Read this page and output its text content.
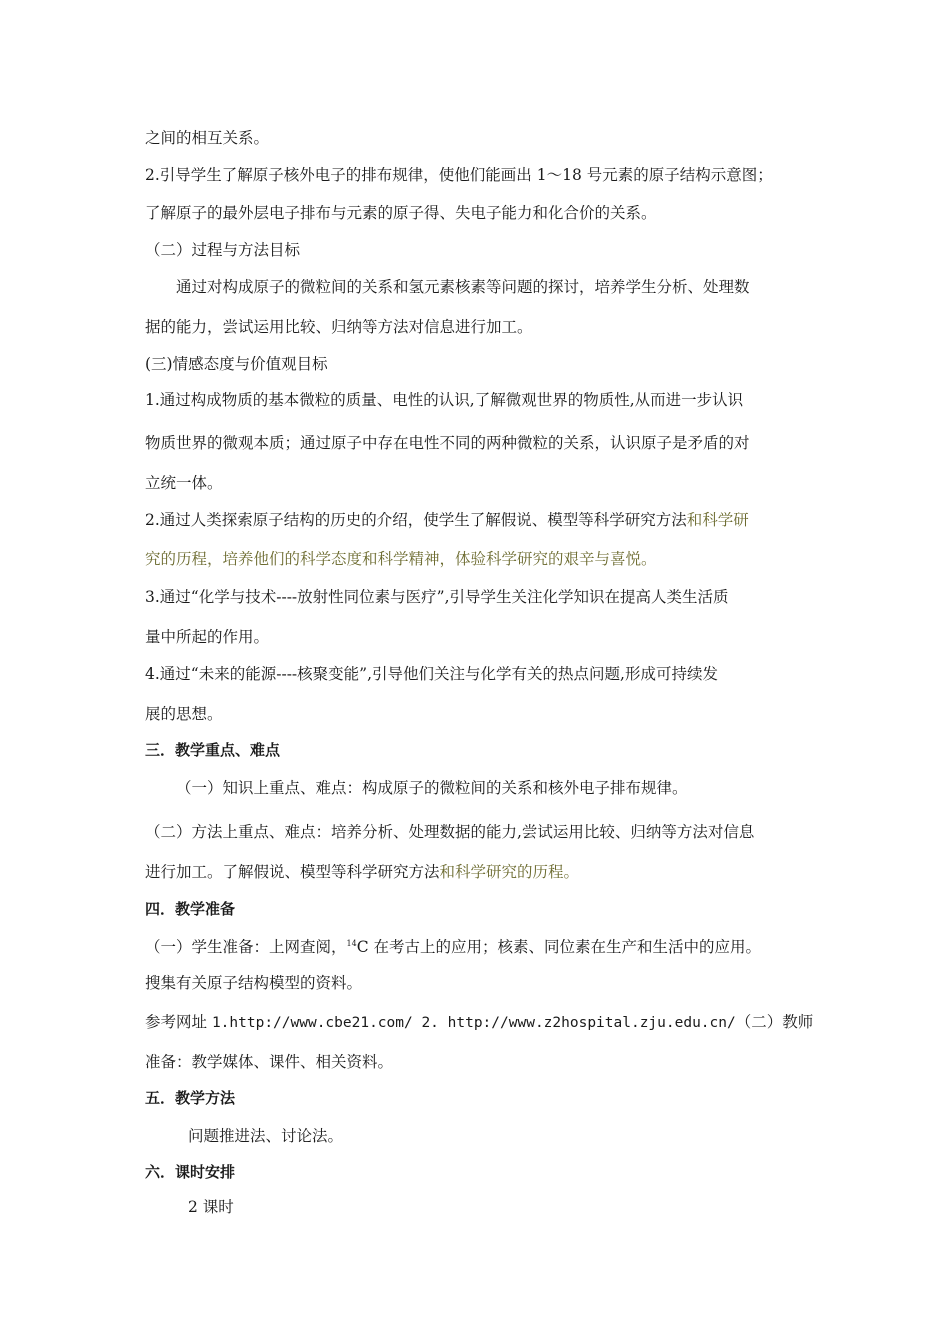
之间的相互关系。
2.引导学生了解原子核外电子的排布规律，使他们能画出 1～18 号元素的原子结构示意图；
了解原子的最外层电子排布与元素的原子得、失电子能力和化合价的关系。
（二）过程与方法目标
通过对构成原子的微粒间的关系和氢元素核素等问题的探讨，培养学生分析、处理数
据的能力，尝试运用比较、归纳等方法对信息进行加工。
(三)情感态度与价值观目标
1.通过构成物质的基本微粒的质量、电性的认识,了解微观世界的物质性,从而进一步认识
物质世界的微观本质；通过原子中存在电性不同的两种微粒的关系，认识原子是矛盾的对
立统一体。
2.通过人类探索原子结构的历史的介绍，使学生了解假说、模型等科学研究方法和科学研
究的历程，培养他们的科学态度和科学精神，体验科学研究的艰辛与喜悦。
3.通过“化学与技术----放射性同位素与医疗”,引导学生关注化学知识在提高人类生活质
量中所起的作用。
4.通过“未来的能源----核聚变能”,引导他们关注与化学有关的热点问题,形成可持续发
展的思想。
三．教学重点、难点
（一）知识上重点、难点：构成原子的微粒间的关系和核外电子排布规律。
（二）方法上重点、难点：培养分析、处理数据的能力,尝试运用比较、归纳等方法对信息
进行加工。了解假说、模型等科学研究方法和科学研究的历程。
四．教学准备
（一）学生准备：上网查阅，$^{14}$C 在考古上的应用；核素、同位素在生产和生活中的应用。
搜集有关原子结构模型的资料。
参考网址 1.http://www.cbe21.com/ 2. http://www.z2hospital.zju.edu.cn/（二）教师
准备：教学媒体、课件、相关资料。
五．教学方法
问题推进法、讨论法。
六．课时安排
2 课时
